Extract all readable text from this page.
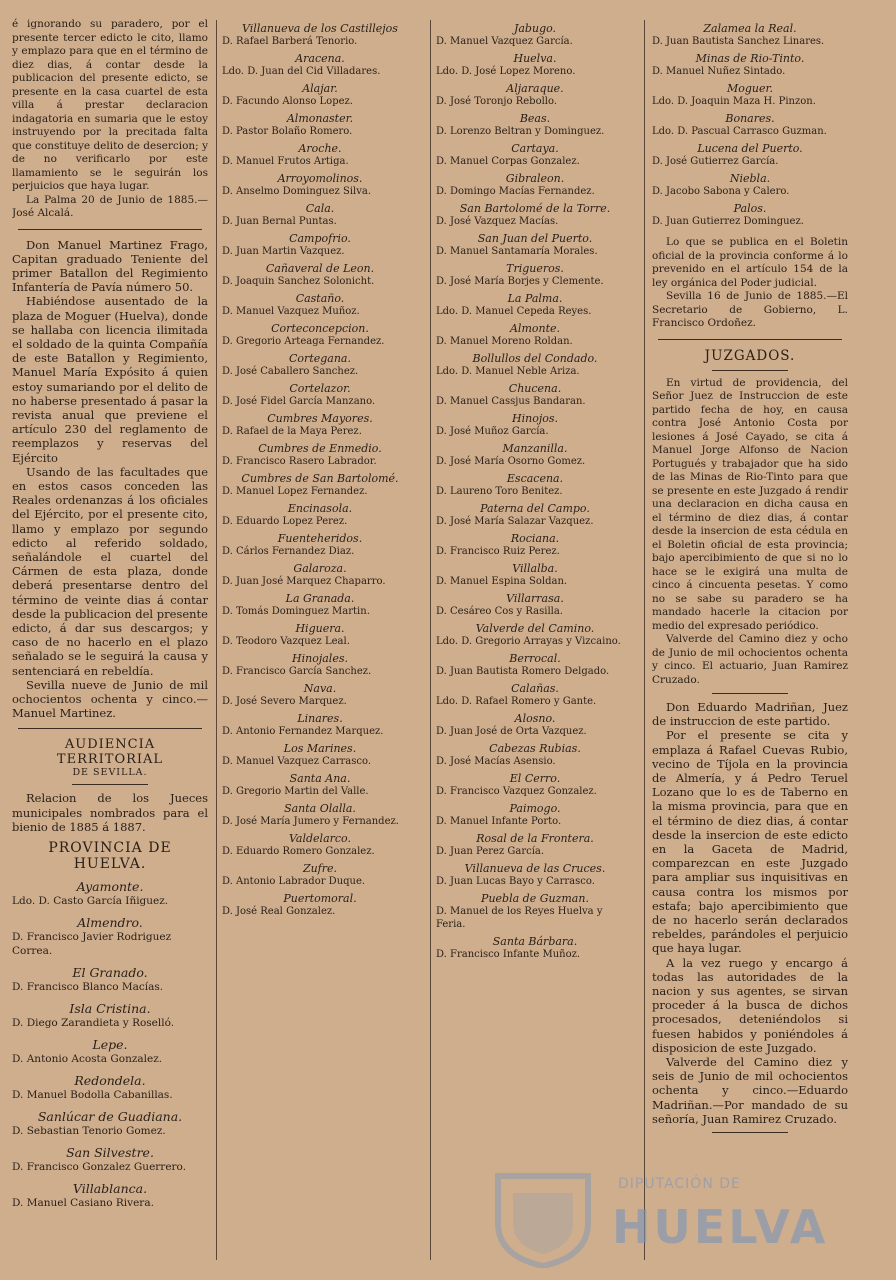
é ignorando su paradero, por el presente tercer edicto le cito, llamo y emplazo para que en el término de diez dias, á contar desde la publicacion del presente edicto, se presente en la casa cuartel de esta villa á prestar declaracion indagatoria en sumaria que le estoy instruyendo por la precitada falta que constituye delito de desercion; y de no verificarlo por este llamamiento se le seguirán los perjuicios que haya lugar.

La Palma 20 de Junio de 1885.—José Alcalá.

Don Manuel Martinez Frago, Capitan graduado Teniente del primer Batallon del Regimiento Infantería de Pavía número 50.

Habiéndose ausentado de la plaza de Moguer (Huelva), donde se hallaba con licencia ilimitada el soldado de la quinta Compañía de este Batallon y Regimiento, Manuel María Expósito á quien estoy sumariando por el delito de no haberse presentado á pasar la revista anual que previene el artículo 230 del reglamento de reemplazos y reservas del Ejército

Usando de las facultades que en estos casos conceden las Reales ordenanzas á los oficiales del Ejército, por el presente cito, llamo y emplazo por segundo edicto al referido soldado, señalándole el cuartel del Cármen de esta plaza, donde deberá presentarse dentro del término de veinte dias á contar desde la publicacion del presente edicto, á dar sus descargos; y caso de no hacerlo en el plazo señalado se le seguirá la causa y sentenciará en rebeldía.

Sevilla nueve de Junio de mil ochocientos ochenta y cinco.—Manuel Martinez.

AUDIENCIA TERRITORIAL
DE SEVILLA.

Relacion de los Jueces municipales nombrados para el bienio de 1885 á 1887.

PROVINCIA DE HUELVA.
Ayamonte.
Ldo. D. Casto García Iñiguez.
Almendro.
D. Francisco Javier Rodriguez Correa.
El Granado.
D. Francisco Blanco Macías.
Isla Cristina.
D. Diego Zarandieta y Roselló.
Lepe.
D. Antonio Acosta Gonzalez.
Redondela.
D. Manuel Bodolla Cabanillas.
Sanlúcar de Guadiana.
D. Sebastian Tenorio Gomez.
San Silvestre.
D. Francisco Gonzalez Guerrero.
Villablanca.
D. Manuel Casiano Rivera.
Villanueva de los Castillejos
D. Rafael Barberá Tenorio.
Aracena.
Ldo. D. Juan del Cid Villadares.
Alajar.
D. Facundo Alonso Lopez.
Almonaster.
D. Pastor Bolaño Romero.
Aroche.
D. Manuel Frutos Artiga.
Arroyomolinos.
D. Anselmo Dominguez Silva.
Cala.
D. Juan Bernal Puntas.
Campofrio.
D. Juan Martin Vazquez.
Cañaveral de Leon.
D. Joaquin Sanchez Solonicht.
Castaño.
D. Manuel Vazquez Muñoz.
Corteconcepcion.
D. Gregorio Arteaga Fernandez.
Cortegana.
D. José Caballero Sanchez.
Cortelazor.
D. José Fidel García Manzano.
Cumbres Mayores.
D. Rafael de la Maya Perez.
Cumbres de Enmedio.
D. Francisco Rasero Labrador.
Cumbres de San Bartolomé.
D. Manuel Lopez Fernandez.
Encinasola.
D. Eduardo Lopez Perez.
Fuenteheridos.
D. Cárlos Fernandez Diaz.
Galaroza.
D. Juan José Marquez Chaparro.
La Granada.
D. Tomás Dominguez Martin.
Higuera.
D. Teodoro Vazquez Leal.
Hinojales.
D. Francisco García Sanchez.
Nava.
D. José Severo Marquez.
Linares.
D. Antonio Fernandez Marquez.
Los Marines.
D. Manuel Vazquez Carrasco.
Santa Ana.
D. Gregorio Martin del Valle.
Santa Olalla.
D. José María Jumero y Fernandez.
Valdelarco.
D. Eduardo Romero Gonzalez.
Zufre.
D. Antonio Labrador Duque.
Puertomoral.
D. José Real Gonzalez.
Jabugo.
D. Manuel Vazquez García.
Huelva.
Ldo. D. José Lopez Moreno.
Aljaraque.
D. José Toronjo Rebollo.
Beas.
D. Lorenzo Beltran y Dominguez.
Cartaya.
D. Manuel Corpas Gonzalez.
Gibraleon.
D. Domingo Macías Fernandez.
San Bartolomé de la Torre.
D. José Vazquez Macías.
San Juan del Puerto.
D. Manuel Santamaría Morales.
Trigueros.
D. José María Borjes y Clemente.
La Palma.
Ldo. D. Manuel Cepeda Reyes.
Almonte.
D. Manuel Moreno Roldan.
Bollullos del Condado.
Ldo. D. Manuel Neble Ariza.
Chucena.
D. Manuel Cassjus Bandaran.
Hinojos.
D. José Muñoz García.
Manzanilla.
D. José María Osorno Gomez.
Escacena.
D. Laureno Toro Benitez.
Paterna del Campo.
D. José María Salazar Vazquez.
Rociana.
D. Francisco Ruiz Perez.
Villalba.
D. Manuel Espina Soldan.
Villarrasa.
D. Cesáreo Cos y Rasilla.
Valverde del Camino.
Ldo. D. Gregorio Arrayas y Vizcaino.
Berrocal.
D. Juan Bautista Romero Delgado.
Calañas.
Ldo. D. Rafael Romero y Gante.
Alosno.
D. Juan José de Orta Vazquez.
Cabezas Rubias.
D. José Macías Asensio.
El Cerro.
D. Francisco Vazquez Gonzalez.
Paimogo.
D. Manuel Infante Porto.
Rosal de la Frontera.
D. Juan Perez García.
Villanueva de las Cruces.
D. Juan Lucas Bayo y Carrasco.
Puebla de Guzman.
D. Manuel de los Reyes Huelva y Feria.
Santa Bárbara.
D. Francisco Infante Muñoz.
Zalamea la Real.
D. Juan Bautista Sanchez Linares.
Minas de Rio-Tinto.
D. Manuel Nuñez Sintado.
Moguer.
Ldo. D. Joaquin Maza H. Pinzon.
Bonares.
Ldo. D. Pascual Carrasco Guzman.
Lucena del Puerto.
D. José Gutierrez García.
Niebla.
D. Jacobo Sabona y Calero.
Palos.
D. Juan Gutierrez Dominguez.

Lo que se publica en el Boletin oficial de la provincia conforme á lo prevenido en el artículo 154 de la ley orgánica del Poder judicial.

Sevilla 16 de Junio de 1885.—El Secretario de Gobierno, L. Francisco Ordoñez.

JUZGADOS.

En virtud de providencia, del Señor Juez de Instruccion de este partido fecha de hoy, en causa contra José Antonio Costa por lesiones á José Cayado, se cita á Manuel Jorge Alfonso de Nacion Portugués y trabajador que ha sido de las Minas de Rio-Tinto para que se presente en este Juzgado á rendir una declaracion en dicha causa en el término de diez dias, á contar desde la insercion de esta cédula en el Boletin oficial de esta provincia; bajo apercibimiento de que si no lo hace se le exigirá una multa de cinco á cincuenta pesetas. Y como no se sabe su paradero se ha mandado hacerle la citacion por medio del expresado periódico.

Valverde del Camino diez y ocho de Junio de mil ochocientos ochenta y cinco. El actuario, Juan Ramirez Cruzado.

Don Eduardo Madriñan, Juez de instruccion de este partido.

Por el presente se cita y emplaza á Rafael Cuevas Rubio, vecino de Tíjola en la provincia de Almería, y á Pedro Teruel Lozano que lo es de Taberno en la misma provincia, para que en el término de diez dias, á contar desde la insercion de este edicto en la Gaceta de Madrid, comparezcan en este Juzgado para ampliar sus inquisitivas en causa contra los mismos por estafa; bajo apercibimiento que de no hacerlo serán declarados rebeldes, parándoles el perjuicio que haya lugar.

A la vez ruego y encargo á todas las autoridades de la nacion y sus agentes, se sirvan proceder á la busca de dichos procesados, deteniéndolos si fuesen habidos y poniéndoles á disposicion de este Juzgado.

Valverde del Camino diez y seis de Junio de mil ochocientos ochenta y cinco.—Eduardo Madriñan.—Por mandado de su señoría, Juan Ramirez Cruzado.

DIPUTACIÓN DE
HUELVA
